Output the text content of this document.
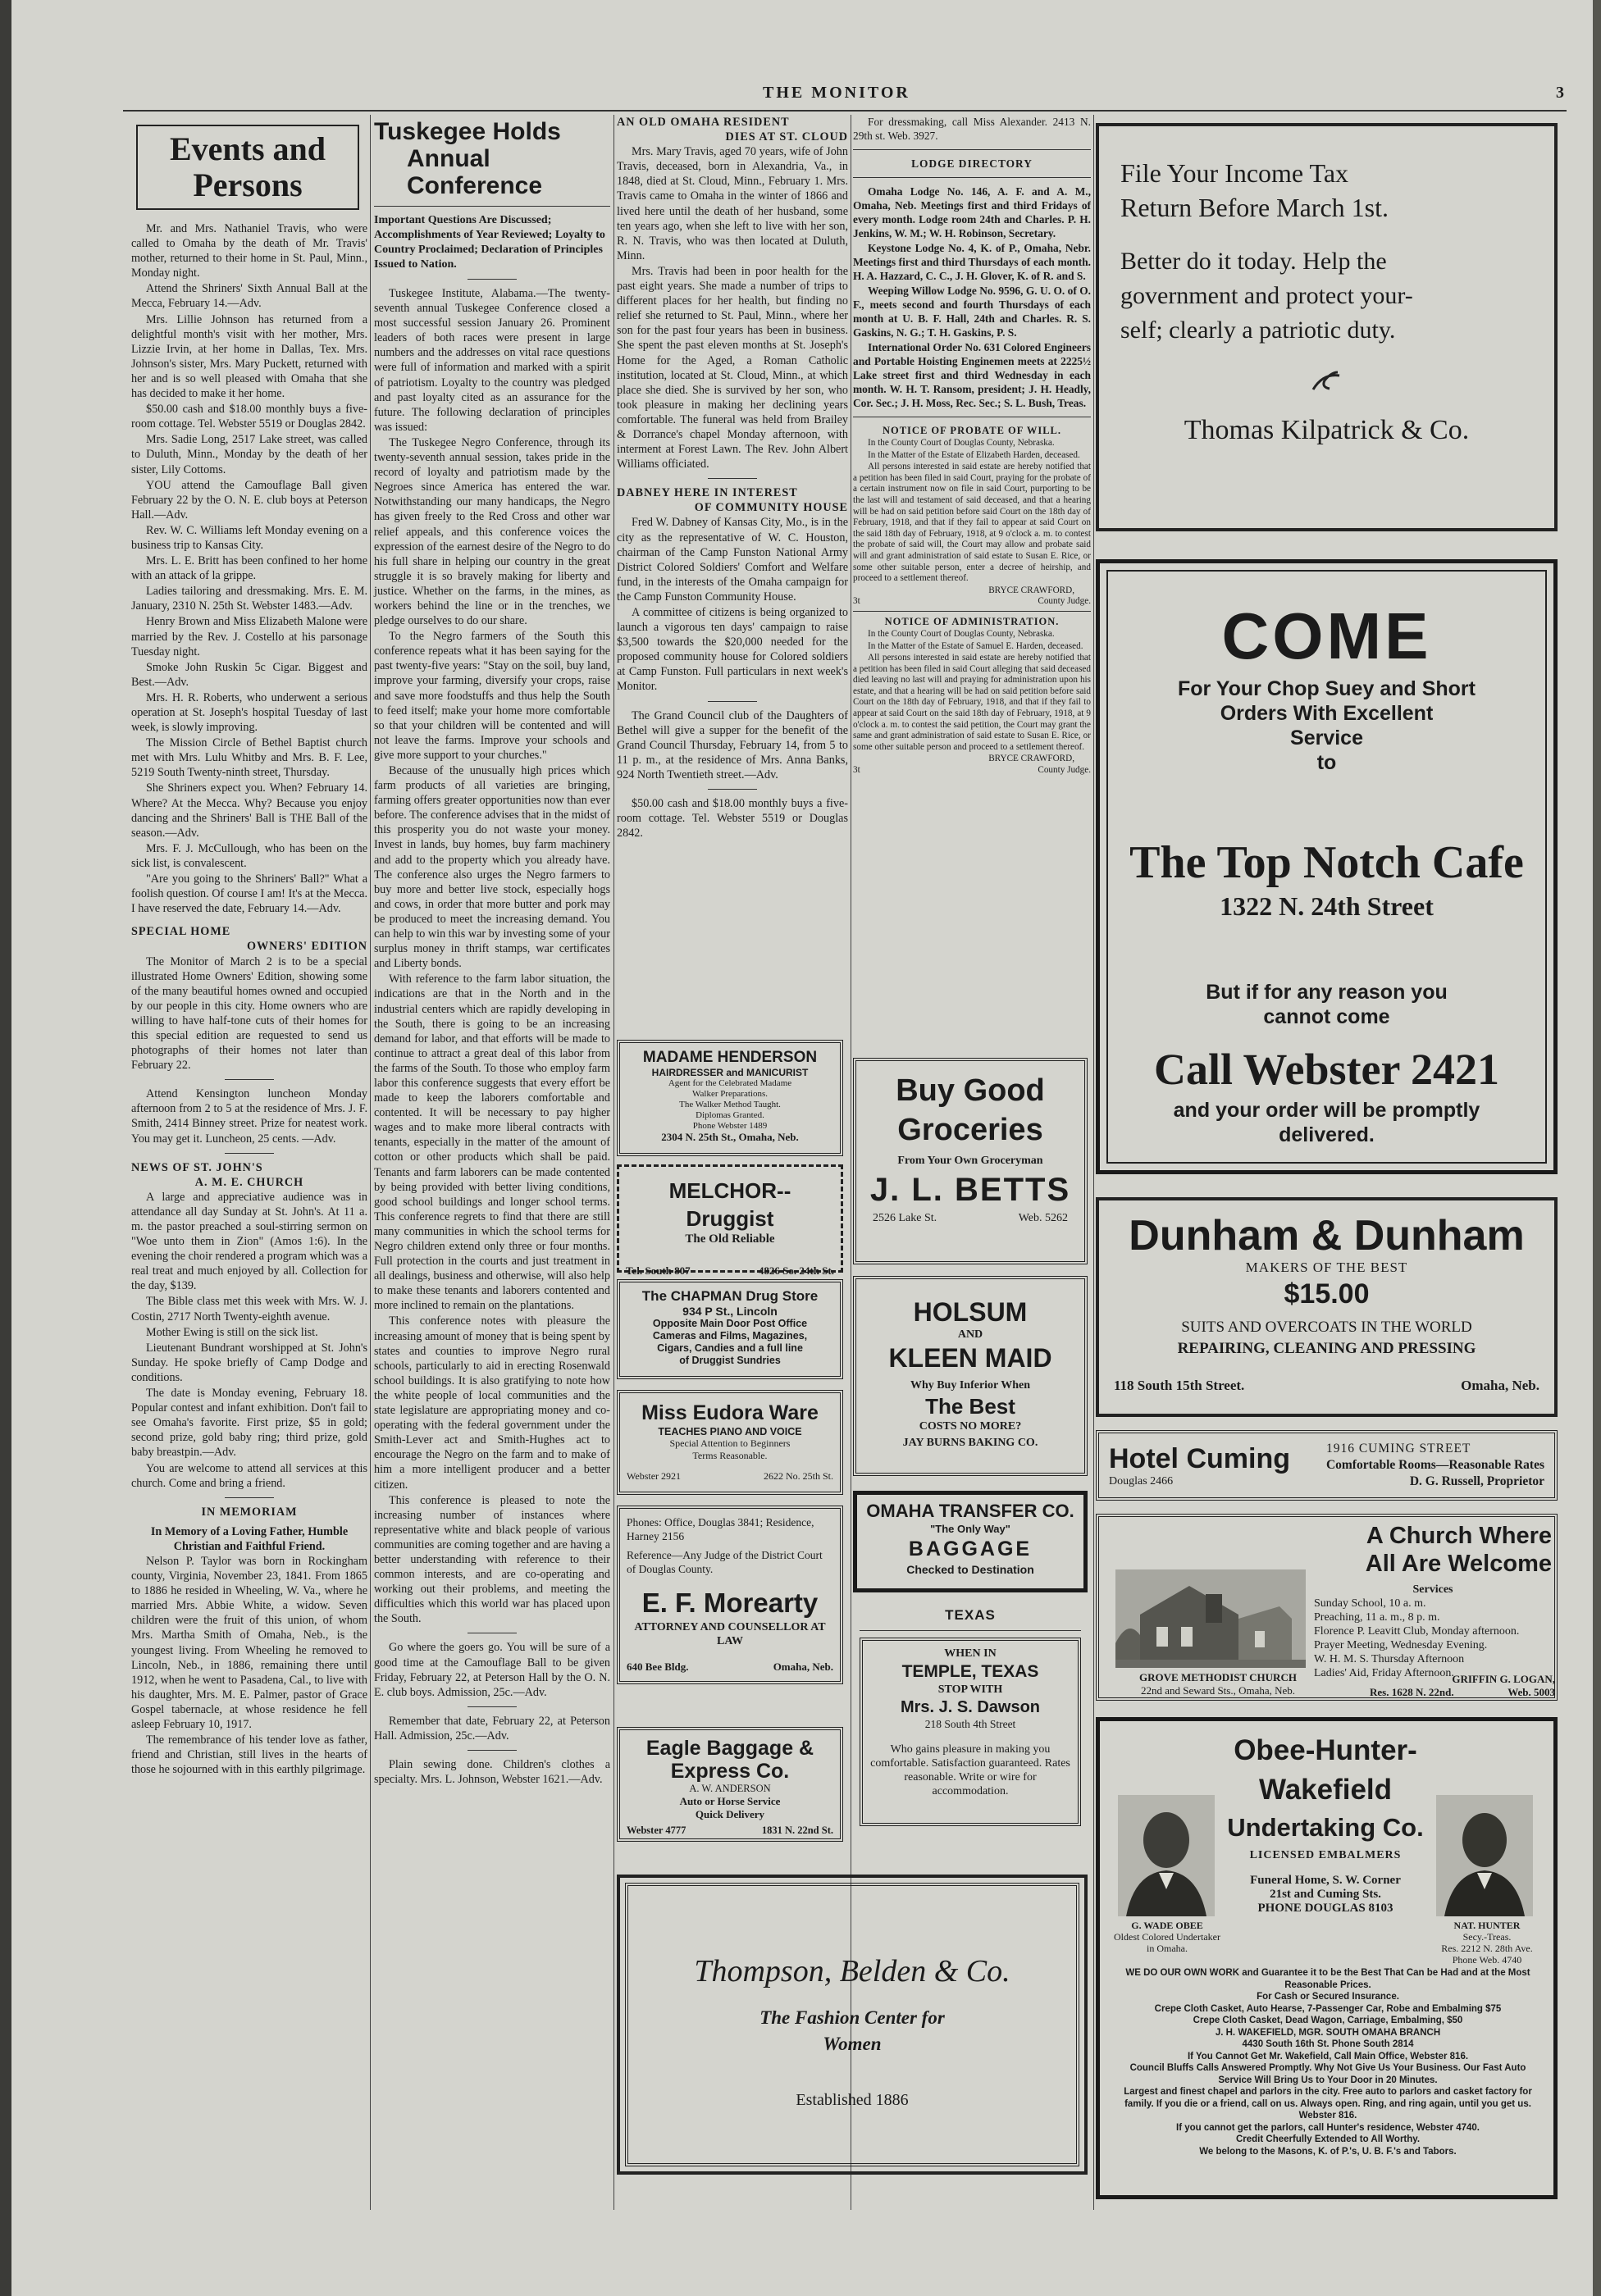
THE MONITOR	3
Events and
Persons

Mr. and Mrs. Nathaniel Travis, who were called to Omaha by the death of Mr. Travis' mother, returned to their home in St. Paul, Minn., Monday night.

Attend the Shriners' Sixth Annual Ball at the Mecca, February 14.—Adv.

Mrs. Lillie Johnson has returned from a delightful month's visit with her mother, Mrs. Lizzie Irvin, at her home in Dallas, Tex. Mrs. Johnson's sister, Mrs. Mary Puckett, returned with her and is so well pleased with Omaha that she has decided to make it her home.

$50.00 cash and $18.00 monthly buys a five-room cottage. Tel. Webster 5519 or Douglas 2842.

Mrs. Sadie Long, 2517 Lake street, was called to Duluth, Minn., Monday by the death of her sister, Lily Cottoms.

YOU attend the Camouflage Ball given February 22 by the O. N. E. club boys at Peterson Hall.—Adv.

Rev. W. C. Williams left Monday evening on a business trip to Kansas City.

Mrs. L. E. Britt has been confined to her home with an attack of la grippe.

Ladies tailoring and dressmaking. Mrs. E. M. January, 2310 N. 25th St. Webster 1483.—Adv.

Henry Brown and Miss Elizabeth Malone were married by the Rev. J. Costello at his parsonage Tuesday night.

Smoke John Ruskin 5c Cigar. Biggest and Best.—Adv.

Mrs. H. R. Roberts, who underwent a serious operation at St. Joseph's hospital Tuesday of last week, is slowly improving.

The Mission Circle of Bethel Baptist church met with Mrs. Lulu Whitby and Mrs. B. F. Lee, 5219 South Twenty-ninth street, Thursday.

She Shriners expect you. When? February 14. Where? At the Mecca. Why? Because you enjoy dancing and the Shriners' Ball is THE Ball of the season.—Adv.

Mrs. F. J. McCullough, who has been on the sick list, is convalescent.

"Are you going to the Shriners' Ball?" What a foolish question. Of course I am! It's at the Mecca. I have reserved the date, February 14.—Adv.

SPECIAL HOME
OWNERS' EDITION

The Monitor of March 2 is to be a special illustrated Home Owners' Edition, showing some of the many beautiful homes owned and occupied by our people in this city. Home owners who are willing to have half-tone cuts of their homes for this special edition are requested to send us photographs of their homes not later than February 22.

Attend Kensington luncheon Monday afternoon from 2 to 5 at the residence of Mrs. J. F. Smith, 2414 Binney street. Prize for neatest work. You may get it. Luncheon, 25 cents. —Adv.

NEWS OF ST. JOHN'S
A. M. E. CHURCH

A large and appreciative audience was in attendance all day Sunday at St. John's. At 11 a. m. the pastor preached a soul-stirring sermon on "Woe unto them in Zion" (Amos 1:6). In the evening the choir rendered a program which was a real treat and much enjoyed by all. Collection for the day, $139.

The Bible class met this week with Mrs. W. J. Costin, 2717 North Twenty-eighth avenue.

Mother Ewing is still on the sick list.

Lieutenant Bundrant worshipped at St. John's Sunday. He spoke briefly of Camp Dodge and conditions.

The date is Monday evening, February 18. Popular contest and infant exhibition. Don't fail to see Omaha's favorite. First prize, $5 in gold; second prize, gold baby ring; third prize, gold baby breastpin.—Adv.

You are welcome to attend all services at this church. Come and bring a friend.

IN MEMORIAM
In Memory of a Loving Father, Humble Christian and Faithful Friend.

Nelson P. Taylor was born in Rockingham county, Virginia, November 23, 1841. From 1865 to 1886 he resided in Wheeling, W. Va., where he married Mrs. Abbie White, a widow. Seven children were the fruit of this union, of whom Mrs. Martha Smith of Omaha, Neb., is the youngest living. From Wheeling he removed to Lincoln, Neb., in 1886, remaining there until 1912, when he went to Pasadena, Cal., to live with his daughter, Mrs. M. E. Palmer, pastor of Grace Gospel tabernacle, at whose residence he fell asleep February 10, 1917.

The remembrance of his tender love as father, friend and Christian, still lives in the hearts of those he sojourned with in this earthly pilgrimage.

Tuskegee Holds
Annual Conference
Important Questions Are Discussed; Accomplishments of Year Reviewed; Loyalty to Country Proclaimed; Declaration of Principles Issued to Nation.

Tuskegee Institute, Alabama.—The twenty-seventh annual Tuskegee Conference closed a most successful session January 26. Prominent leaders of both races were present in large numbers and the addresses on vital race questions were full of information and marked with a spirit of patriotism. Loyalty to the country was pledged and past loyalty cited as an assurance for the future. The following declaration of principles was issued:

The Tuskegee Negro Conference, through its twenty-seventh annual session, takes pride in the record of loyalty and patriotism made by the Negroes since America has entered the war. Notwithstanding our many handicaps, the Negro has given freely to the Red Cross and other war relief appeals, and this conference voices the expression of the earnest desire of the Negro to do his full share in helping our country in the great struggle it is so bravely making for liberty and justice. Whether on the farms, in the mines, as workers behind the line or in the trenches, we pledge ourselves to do our share.

To the Negro farmers of the South this conference repeats what it has been saying for the past twenty-five years: "Stay on the soil, buy land, improve your farming, diversify your crops, raise and save more foodstuffs and thus help the South to feed itself; make your home more comfortable so that your children will be contented and will not leave the farms. Improve your schools and give more support to your churches."

Because of the unusually high prices which farm products of all varieties are bringing, farming offers greater opportunities now than ever before. The conference advises that in the midst of this prosperity you do not waste your money. Invest in lands, buy homes, buy farm machinery and add to the property which you already have. The conference also urges the Negro farmers to buy more and better live stock, especially hogs and cows, in order that more butter and pork may be produced to meet the increasing demand. You can help to win this war by investing some of your surplus money in thrift stamps, war certificates and Liberty bonds.

With reference to the farm labor situation, the indications are that in the North and in the industrial centers which are rapidly developing in the South, there is going to be an increasing demand for labor, and that efforts will be made to continue to attract a great deal of this labor from the farms of the South. To those who employ farm labor this conference suggests that every effort be made to keep the laborers comfortable and contented. It will be necessary to pay higher wages and to make more liberal contracts with tenants, especially in the matter of the amount of cotton or other products which shall be paid. Tenants and farm laborers can be made contented by being provided with better living conditions, good school buildings and longer school terms. This conference regrets to find that there are still many communities in which the school terms for Negro children extend only three or four months. Full protection in the courts and just treatment in all dealings, business and otherwise, will also help to make these tenants and laborers contented and more inclined to remain on the plantations.

This conference notes with pleasure the increasing amount of money that is being spent by states and counties to improve Negro rural schools, particularly to aid in erecting Rosenwald school buildings. It is also gratifying to note how the white people of local communities and the state legislature are appropriating money and co-operating with the federal government under the Smith-Lever act and Smith-Hughes act to encourage the Negro on the farm and to make of him a more intelligent producer and a better citizen.

This conference is pleased to note the increasing number of instances where representative white and black people of various communities are coming together and are having a better understanding with reference to their common interests, and are co-operating and working out their problems, and meeting the difficulties which this world war has placed upon the South.

Go where the goers go. You will be sure of a good time at the Camouflage Ball to be given Friday, February 22, at Peterson Hall by the O. N. E. club boys. Admission, 25c.—Adv.

Remember that date, February 22, at Peterson Hall. Admission, 25c.—Adv.

Plain sewing done. Children's clothes a specialty. Mrs. L. Johnson, Webster 1621.—Adv.

AN OLD OMAHA RESIDENT
DIES AT ST. CLOUD

Mrs. Mary Travis, aged 70 years, wife of John Travis, deceased, born in Alexandria, Va., in 1848, died at St. Cloud, Minn., February 1. Mrs. Travis came to Omaha in the winter of 1866 and lived here until the death of her husband, some ten years ago, when she left to live with her son, R. N. Travis, who was then located at Duluth, Minn.

Mrs. Travis had been in poor health for the past eight years. She made a number of trips to different places for her health, but finding no relief she returned to St. Paul, Minn., where her son for the past four years has been in business. She spent the past eleven months at St. Joseph's Home for the Aged, a Roman Catholic institution, located at St. Cloud, Minn., at which place she died. She is survived by her son, who took pleasure in making her declining years comfortable. The funeral was held from Brailey & Dorrance's chapel Monday afternoon, with interment at Forest Lawn. The Rev. John Albert Williams officiated.

DABNEY HERE IN INTEREST
OF COMMUNITY HOUSE

Fred W. Dabney of Kansas City, Mo., is in the city as the representative of W. C. Houston, chairman of the Camp Funston National Army District Colored Soldiers' Comfort and Welfare fund, in the interests of the Omaha campaign for the Camp Funston Community House.

A committee of citizens is being organized to launch a vigorous ten days' campaign to raise $3,500 towards the $20,000 needed for the proposed community house for Colored soldiers at Camp Funston. Full particulars in next week's Monitor.

The Grand Council club of the Daughters of Bethel will give a supper for the benefit of the Grand Council Thursday, February 14, from 5 to 11 p. m., at the residence of Mrs. Anna Banks, 924 North Twentieth street.—Adv.

$50.00 cash and $18.00 monthly buys a five-room cottage. Tel. Webster 5519 or Douglas 2842.

For dressmaking, call Miss Alexander. 2413 N. 29th st. Web. 3927.

LODGE DIRECTORY

Omaha Lodge No. 146, A. F. and A. M., Omaha, Neb. Meetings first and third Fridays of every month. Lodge room 24th and Charles. P. H. Jenkins, W. M.; W. H. Robinson, Secretary.

Keystone Lodge No. 4, K. of P., Omaha, Nebr. Meetings first and third Thursdays of each month. H. A. Hazzard, C. C., J. H. Glover, K. of R. and S.

Weeping Willow Lodge No. 9596, G. U. O. of O. F., meets second and fourth Thursdays of each month at U. B. F. Hall, 24th and Charles. R. S. Gaskins, N. G.; T. H. Gaskins, P. S.

International Order No. 631 Colored Engineers and Portable Hoisting Enginemen meets at 2225½ Lake street first and third Wednesday in each month. W. H. T. Ransom, president; J. H. Headly, Cor. Sec.; J. H. Moss, Rec. Sec.; S. L. Bush, Treas.

NOTICE OF PROBATE OF WILL.

In the County Court of Douglas County, Nebraska.

In the Matter of the Estate of Elizabeth Harden, deceased.

All persons interested in said estate are hereby notified that a petition has been filed in said Court, praying for the probate of a certain instrument now on file in said Court, purporting to be the last will and testament of said deceased, and that a hearing will be had on said petition before said Court on the 18th day of February, 1918, and that if they fail to appear at said Court on the said 18th day of February, 1918, at 9 o'clock a. m. to contest the probate of said will, the Court may allow and probate said will and grant administration of said estate to Susan E. Rice, or some other suitable person, enter a decree of heirship, and proceed to a settlement thereof.

BRYCE CRAWFORD,
3t	County Judge.
NOTICE OF ADMINISTRATION.

In the County Court of Douglas County, Nebraska.

In the Matter of the Estate of Samuel E. Harden, deceased.

All persons interested in said estate are hereby notified that a petition has been filed in said Court alleging that said deceased died leaving no last will and praying for administration upon his estate, and that a hearing will be had on said petition before said Court on the 18th day of February, 1918, and that if they fail to appear at said Court on the said 18th day of February, 1918, at 9 o'clock a. m. to contest the said petition, the Court may grant the same and grant administration of said estate to Susan E. Rice, or some other suitable person and proceed to a settlement thereof.

BRYCE CRAWFORD,
3t	County Judge.
MADAME HENDERSON
HAIRDRESSER and MANICURIST
Agent for the Celebrated Madame
Walker Preparations.
The Walker Method Taught.
Diplomas Granted.
Phone Webster 1489
2304 N. 25th St., Omaha, Neb.
MELCHOR--Druggist
The Old Reliable
Tel. South 807	4826 So. 24th St.
The CHAPMAN Drug Store
934 P St., Lincoln
Opposite Main Door Post Office
Cameras and Films, Magazines,
Cigars, Candies and a full line
of Druggist Sundries
Miss Eudora Ware
TEACHES PIANO AND VOICE
Special Attention to Beginners
Terms Reasonable.
Webster 2921	2622 No. 25th St.
Phones: Office, Douglas 3841; Residence, Harney 2156
Reference—Any Judge of the District Court of Douglas County.
E. F. Morearty
ATTORNEY AND COUNSELLOR AT LAW
640 Bee Bldg.	Omaha, Neb.
Eagle Baggage &
Express Co.
A. W. ANDERSON
Auto or Horse Service
Quick Delivery
Webster 4777	1831 N. 22nd St.
Buy Good
Groceries
From Your Own Groceryman
J. L. BETTS
2526 Lake St.	Web. 5262
HOLSUM
AND
KLEEN MAID
Why Buy Inferior When
The Best
COSTS NO MORE?
JAY BURNS BAKING CO.
OMAHA TRANSFER CO.
"The Only Way"
BAGGAGE
Checked to Destination
TEXAS
WHEN IN
TEMPLE, TEXAS
STOP WITH
Mrs. J. S. Dawson
218 South 4th Street
Who gains pleasure in making you comfortable. Satisfaction guaranteed. Rates reasonable. Write or wire for accommodation.
Thompson, Belden & Co.
The Fashion Center for
Women
Established 1886
File Your Income Tax
Return Before March 1st.
Better do it today. Help the
government and protect your-
self; clearly a patriotic duty.
Thomas Kilpatrick & Co.
COME
For Your Chop Suey and Short
Orders With Excellent
Service
to
The Top Notch Cafe
1322 N. 24th Street
But if for any reason you
cannot come
Call Webster 2421
and your order will be promptly
delivered.
Dunham & Dunham
MAKERS OF THE BEST
$15.00
SUITS AND OVERCOATS IN THE WORLD
REPAIRING, CLEANING AND PRESSING
118 South 15th Street.	Omaha, Neb.
Hotel Cuming
Douglas 2466
1916 CUMING STREET
Comfortable Rooms—Reasonable Rates
D. G. Russell, Proprietor
A Church Where
All Are Welcome
Services
Sunday School, 10 a. m.
Preaching, 11 a. m., 8 p. m.
Florence P. Leavitt Club, Monday afternoon.
Prayer Meeting, Wednesday Evening.
W. H. M. S. Thursday Afternoon
Ladies' Aid, Friday Afternoon.
GROVE METHODIST CHURCH
22nd and Seward Sts., Omaha, Neb.
GRIFFIN G. LOGAN,
Res. 1628 N. 22nd.	Web. 5003
Obee-Hunter-
Wakefield
Undertaking Co.
LICENSED EMBALMERS
Funeral Home, S. W. Corner
21st and Cuming Sts.
PHONE DOUGLAS 8103
G. WADE OBEE
Oldest Colored Undertaker in Omaha.
NAT. HUNTER
Secy.-Treas.
Res. 2212 N. 28th Ave.
Phone Web. 4740
WE DO OUR OWN WORK and Guarantee it to be the Best That Can be Had and at the Most Reasonable Prices.
For Cash or Secured Insurance.
Crepe Cloth Casket, Auto Hearse, 7-Passenger Car, Robe and Embalming $75
Crepe Cloth Casket, Dead Wagon, Carriage, Embalming, $50
J. H. WAKEFIELD, MGR. SOUTH OMAHA BRANCH
4430 South 16th St. Phone South 2814
If You Cannot Get Mr. Wakefield, Call Main Office, Webster 816.
Council Bluffs Calls Answered Promptly. Why Not Give Us Your Business. Our Fast Auto Service Will Bring Us to Your Door in 20 Minutes.
Largest and finest chapel and parlors in the city. Free auto to parlors and casket factory for family. If you die or a friend, call on us. Always open. Ring, and ring again, until you get us. Webster 816.
If you cannot get the parlors, call Hunter's residence, Webster 4740.
Credit Cheerfully Extended to All Worthy.
We belong to the Masons, K. of P.'s, U. B. F.'s and Tabors.
